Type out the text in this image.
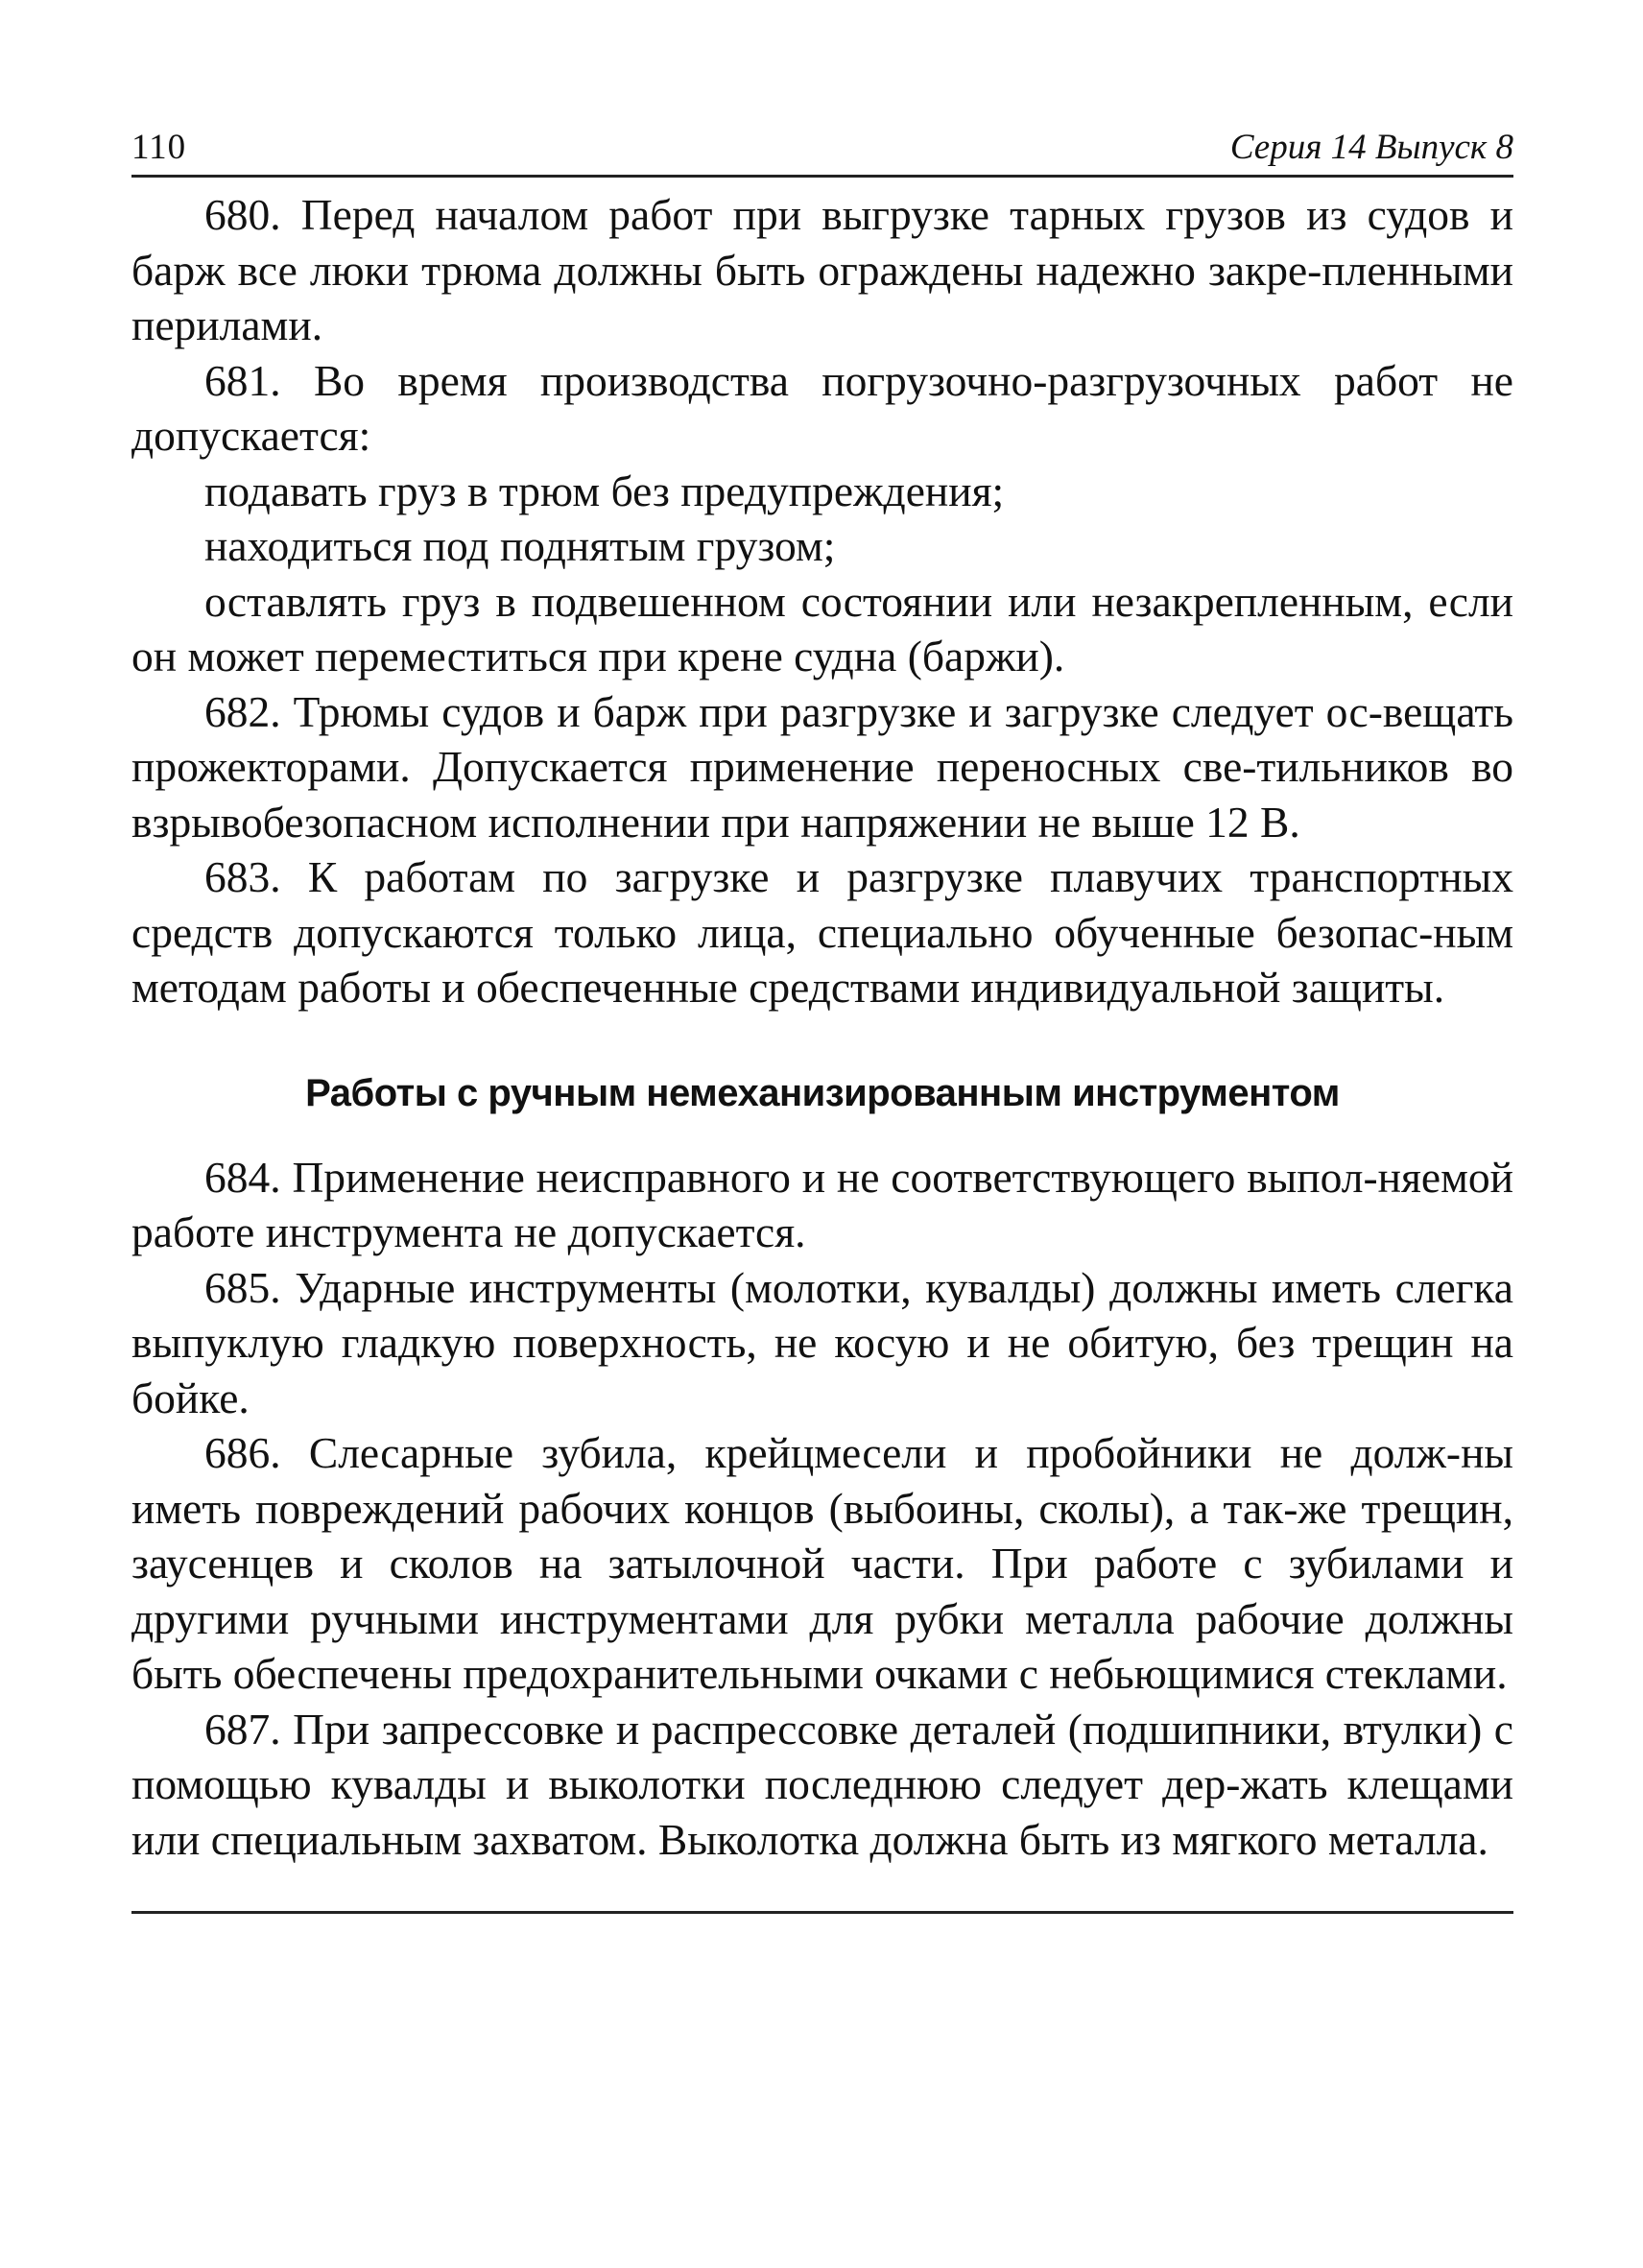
110	Серия 14 Выпуск 8

680. Перед началом работ при выгрузке тарных грузов из судов и барж все люки трюма должны быть ограждены надежно закре-пленными перилами.

681. Во время производства погрузочно-разгрузочных работ не допускается:

подавать груз в трюм без предупреждения;

находиться под поднятым грузом;

оставлять груз в подвешенном состоянии или незакрепленным, если он может переместиться при крене судна (баржи).

682. Трюмы судов и барж при разгрузке и загрузке следует ос-вещать прожекторами. Допускается применение переносных све-тильников во взрывобезопасном исполнении при напряжении не выше 12 В.

683. К работам по загрузке и разгрузке плавучих транспортных средств допускаются только лица, специально обученные безопас-ным методам работы и обеспеченные средствами индивидуальной защиты.

Работы с ручным немеханизированным инструментом

684. Применение неисправного и не соответствующего выпол-няемой работе инструмента не допускается.

685. Ударные инструменты (молотки, кувалды) должны иметь слегка выпуклую гладкую поверхность, не косую и не обитую, без трещин на бойке.

686. Слесарные зубила, крейцмесели и пробойники не долж-ны иметь повреждений рабочих концов (выбоины, сколы), а так-же трещин, заусенцев и сколов на затылочной части. При работе с зубилами и другими ручными инструментами для рубки металла рабочие должны быть обеспечены предохранительными очками с небьющимися стеклами.

687. При запрессовке и распрессовке деталей (подшипники, втулки) с помощью кувалды и выколотки последнюю следует дер-жать клещами или специальным захватом. Выколотка должна быть из мягкого металла.
